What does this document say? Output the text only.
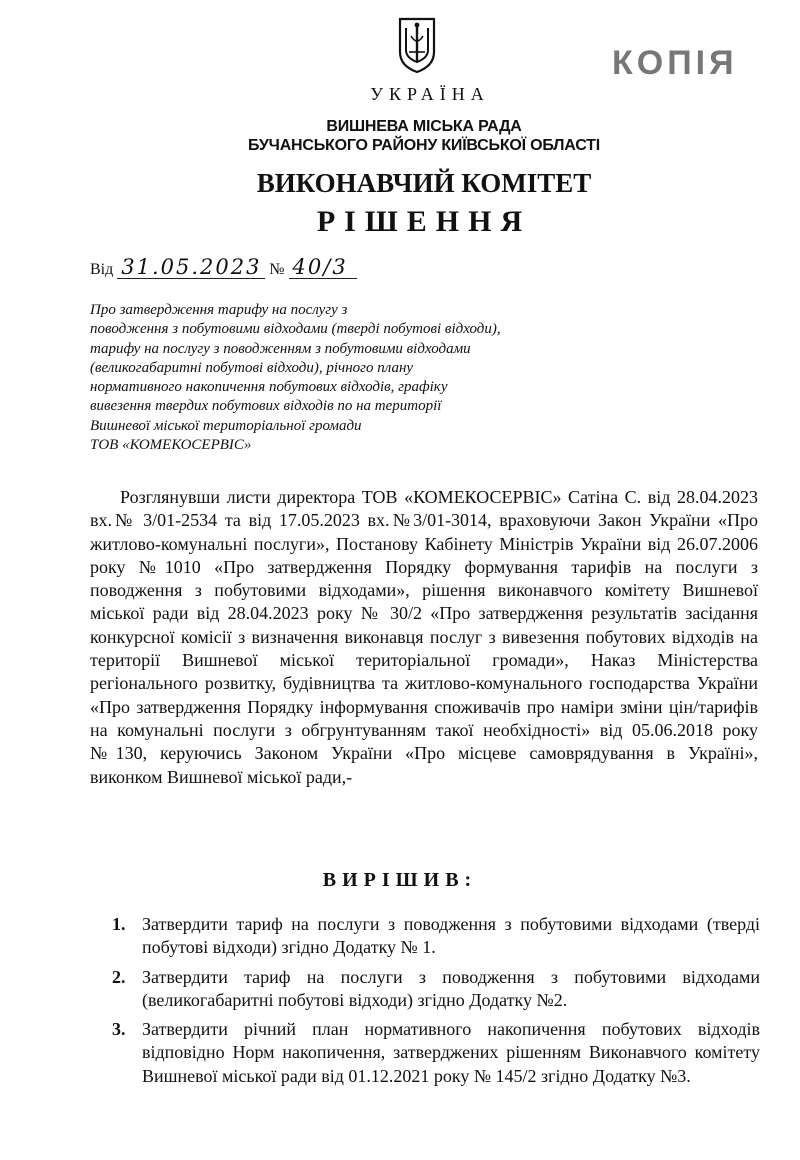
КОПІЯ
УКРАЇНА
ВИШНЕВА МІСЬКА РАДА
БУЧАНСЬКОГО РАЙОНУ КИЇВСЬКОЇ ОБЛАСТІ
ВИКОНАВЧИЙ КОМІТЕТ
РІШЕННЯ
Від 31.05.2023 № 40/3
Про затвердження тарифу на послугу з
поводження з побутовими відходами (тверді побутові відходи),
тарифу на послугу з поводженням з побутовими відходами
(великогабаритні побутові відходи), річного плану
нормативного накопичення побутових відходів, графіку
вивезення твердих побутових відходів по на території
Вишневої міської територіальної громади
ТОВ «КОМЕКОСЕРВІС»
Розглянувши листи директора ТОВ «КОМЕКОСЕРВІС» Сатіна С. від 28.04.2023 вх.№ 3/01-2534 та від 17.05.2023 вх.№3/01-3014, враховуючи Закон України «Про житлово-комунальні послуги», Постанову Кабінету Міністрів України від 26.07.2006 року №1010 «Про затвердження Порядку формування тарифів на послуги з поводження з побутовими відходами», рішення виконавчого комітету Вишневої міської ради від 28.04.2023 року № 30/2 «Про затвердження результатів засідання конкурсної комісії з визначення виконавця послуг з вивезення побутових відходів на території Вишневої міської територіальної громади», Наказ Міністерства регіонального розвитку, будівництва та житлово-комунального господарства України «Про затвердження Порядку інформування споживачів про наміри зміни цін/тарифів на комунальні послуги з обгрунтуванням такої необхідності» від 05.06.2018 року №130, керуючись Законом України «Про місцеве самоврядування в Україні», виконком Вишневої міської ради,-
ВИРІШИВ:
1. Затвердити тариф на послуги з поводження з побутовими відходами (тверді побутові відходи) згідно Додатку № 1.
2. Затвердити тариф на послуги з поводження з побутовими відходами (великогабаритні побутові відходи) згідно Додатку №2.
3. Затвердити річний план нормативного накопичення побутових відходів відповідно Норм накопичення, затверджених рішенням Виконавчого комітету Вишневої міської ради від 01.12.2021 року № 145/2 згідно Додатку №3.
